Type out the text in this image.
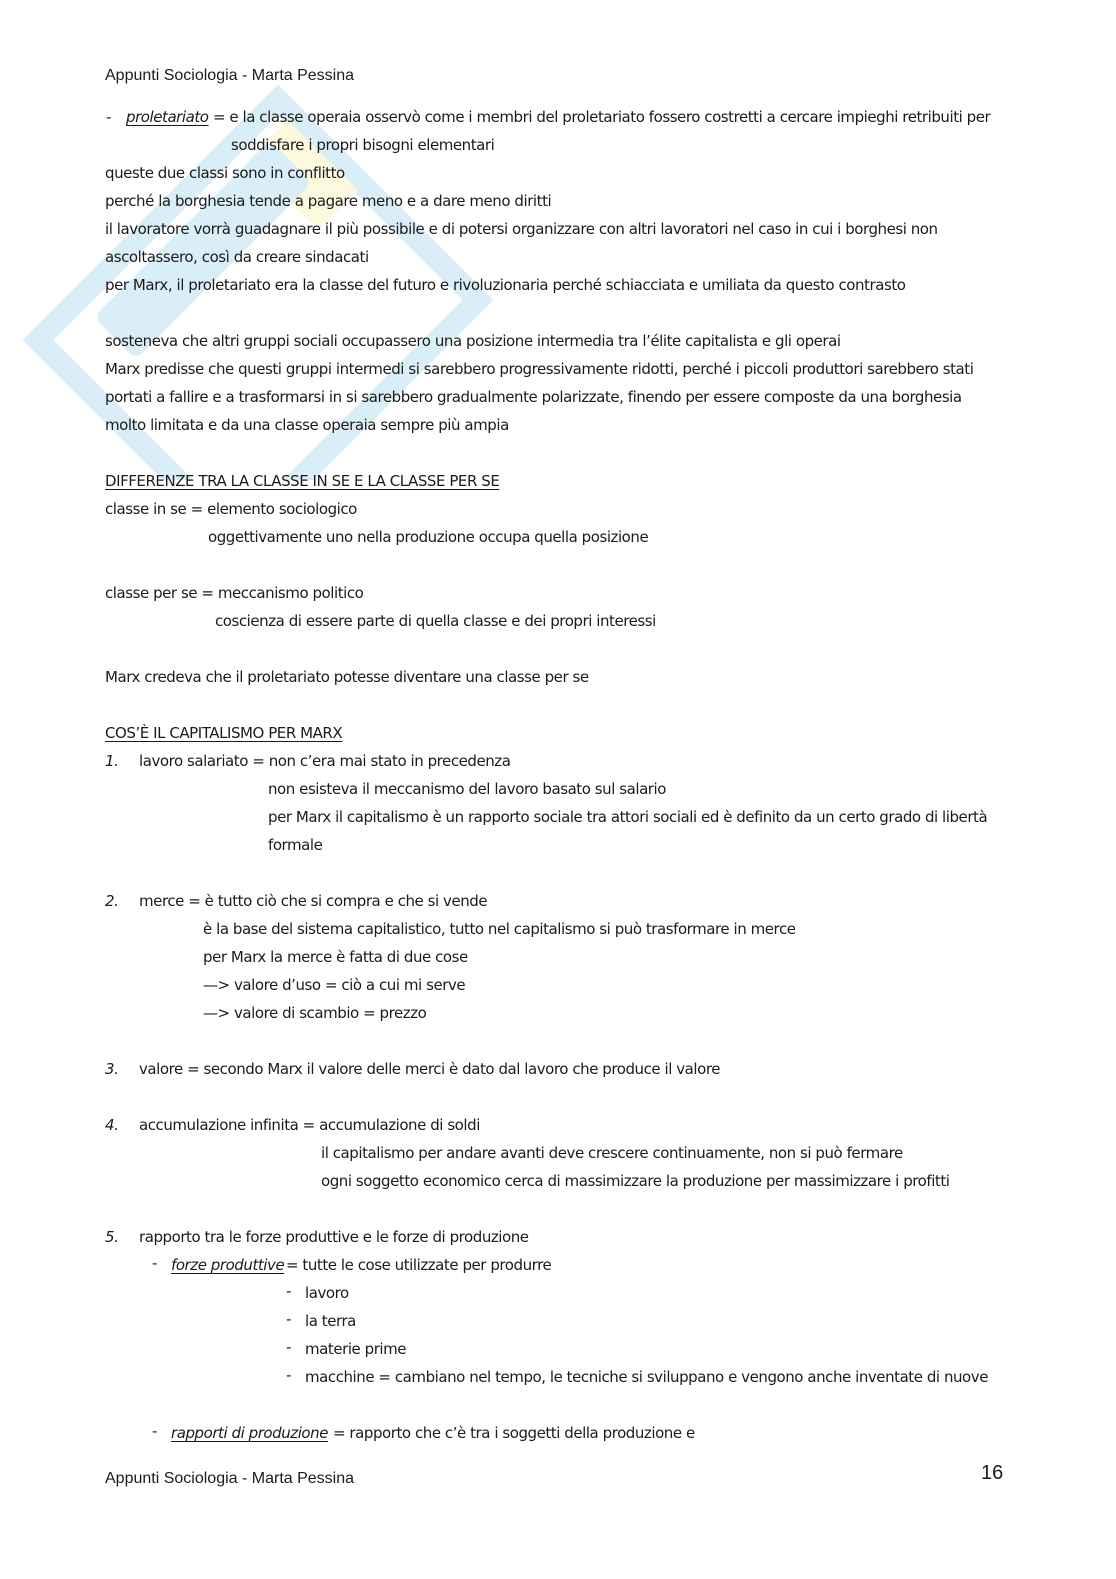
Appunti Sociologia - Marta Pessina
- proletariato = e la classe operaia osservò come i membri del proletariato fossero costretti a cercare impieghi retribuiti per
soddisfare i propri bisogni elementari
queste due classi sono in conflitto
perché la borghesia tende a pagare meno e a dare meno diritti
il lavoratore vorrà guadagnare il più possibile e di potersi organizzare con altri lavoratori nel caso in cui i borghesi non
ascoltassero, così da creare sindacati
per Marx, il proletariato era la classe del futuro e rivoluzionaria perché schiacciata e umiliata da questo contrasto
sosteneva che altri gruppi sociali occupassero una posizione intermedia tra l’élite capitalista e gli operai
Marx predisse che questi gruppi intermedi si sarebbero progressivamente ridotti, perché i piccoli produttori sarebbero stati
portati a fallire e a trasformarsi in si sarebbero gradualmente polarizzate, finendo per essere composte da una borghesia
molto limitata e da una classe operaia sempre più ampia
DIFFERENZE TRA LA CLASSE IN SE E LA CLASSE PER SE
classe in se = elemento sociologico
oggettivamente uno nella produzione occupa quella posizione
classe per se = meccanismo politico
coscienza di essere parte di quella classe e dei propri interessi
Marx credeva che il proletariato potesse diventare una classe per se
COS’È IL CAPITALISMO PER MARX
1. lavoro salariato = non c’era mai stato in precedenza
non esisteva il meccanismo del lavoro basato sul salario
per Marx il capitalismo è un rapporto sociale tra attori sociali ed è definito da un certo grado di libertà
formale
2. merce = è tutto ciò che si compra e che si vende
è la base del sistema capitalistico, tutto nel capitalismo si può trasformare in merce
per Marx la merce è fatta di due cose
—> valore d’uso = ciò a cui mi serve
—> valore di scambio = prezzo
3. valore = secondo Marx il valore delle merci è dato dal lavoro che produce il valore
4. accumulazione infinita = accumulazione di soldi
il capitalismo per andare avanti deve crescere continuamente, non si può fermare
ogni soggetto economico cerca di massimizzare la produzione per massimizzare i profitti
5. rapporto tra le forze produttive e le forze di produzione
- forze produttive = tutte le cose utilizzate per produrre
- lavoro
- la terra
- materie prime
- macchine = cambiano nel tempo, le tecniche si sviluppano e vengono anche inventate di nuove
- rapporti di produzione = rapporto che c’è tra i soggetti della produzione e
Appunti Sociologia - Marta Pessina	16
